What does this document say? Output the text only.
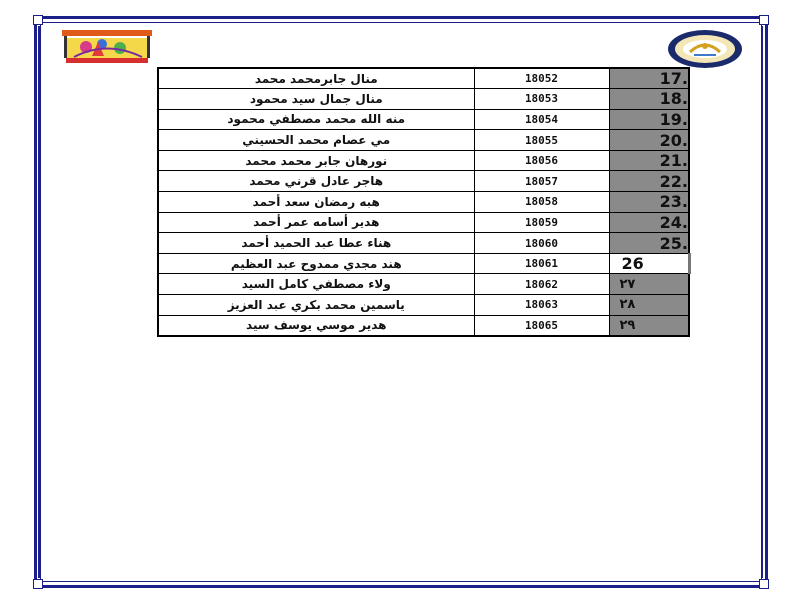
منال جابرمحمد محمد	18052	17.
منال جمال سيد محمود	18053	18.
منه الله محمد مصطفي محمود	18054	19.
مي عصام محمد الحسيني	18055	20.
نورهان جابر محمد محمد	18056	21.
هاجر عادل قرني محمد	18057	22.
هبه رمضان سعد أحمد	18058	23.
هدير أسامه عمر أحمد	18059	24.
هناء عطا عبد الحميد أحمد	18060	25.
هند مجدي ممدوح عبد العظيم	18061	26
ولاء مصطفي كامل السيد	18062	٢٧
ياسمين محمد بكري عبد العزيز	18063	٢٨
هدير موسي يوسف سيد	18065	٢٩
